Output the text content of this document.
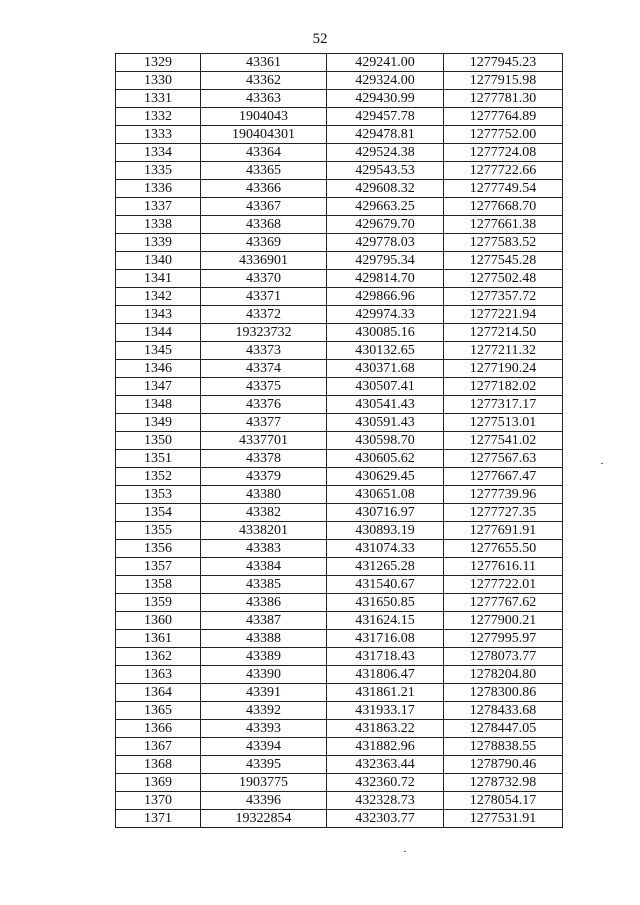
52
1329	43361	429241.00	1277945.23
1330	43362	429324.00	1277915.98
1331	43363	429430.99	1277781.30
1332	1904043	429457.78	1277764.89
1333	190404301	429478.81	1277752.00
1334	43364	429524.38	1277724.08
1335	43365	429543.53	1277722.66
1336	43366	429608.32	1277749.54
1337	43367	429663.25	1277668.70
1338	43368	429679.70	1277661.38
1339	43369	429778.03	1277583.52
1340	4336901	429795.34	1277545.28
1341	43370	429814.70	1277502.48
1342	43371	429866.96	1277357.72
1343	43372	429974.33	1277221.94
1344	19323732	430085.16	1277214.50
1345	43373	430132.65	1277211.32
1346	43374	430371.68	1277190.24
1347	43375	430507.41	1277182.02
1348	43376	430541.43	1277317.17
1349	43377	430591.43	1277513.01
1350	4337701	430598.70	1277541.02
1351	43378	430605.62	1277567.63
1352	43379	430629.45	1277667.47
1353	43380	430651.08	1277739.96
1354	43382	430716.97	1277727.35
1355	4338201	430893.19	1277691.91
1356	43383	431074.33	1277655.50
1357	43384	431265.28	1277616.11
1358	43385	431540.67	1277722.01
1359	43386	431650.85	1277767.62
1360	43387	431624.15	1277900.21
1361	43388	431716.08	1277995.97
1362	43389	431718.43	1278073.77
1363	43390	431806.47	1278204.80
1364	43391	431861.21	1278300.86
1365	43392	431933.17	1278433.68
1366	43393	431863.22	1278447.05
1367	43394	431882.96	1278838.55
1368	43395	432363.44	1278790.46
1369	1903775	432360.72	1278732.98
1370	43396	432328.73	1278054.17
1371	19322854	432303.77	1277531.91
